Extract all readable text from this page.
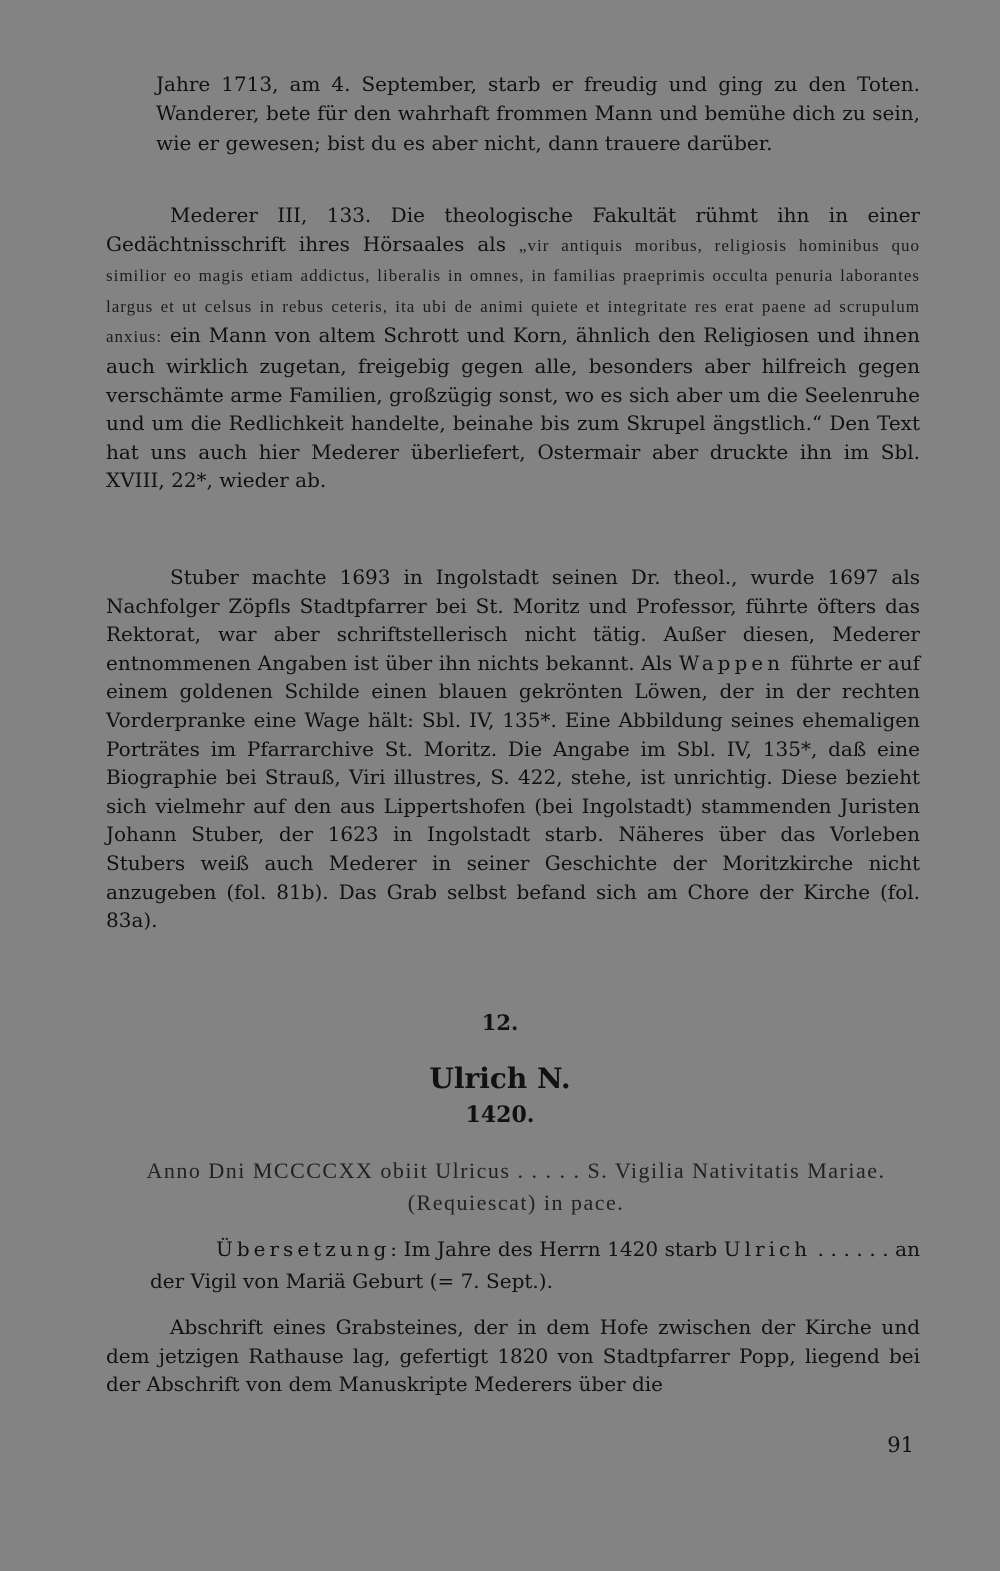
Jahre 1713, am 4. September, starb er freudig und ging zu den Toten. Wanderer, bete für den wahrhaft frommen Mann und bemühe dich zu sein, wie er gewesen; bist du es aber nicht, dann trauere darüber.

Mederer III, 133. Die theologische Fakultät rühmt ihn in einer Gedächtnisschrift ihres Hörsaales als „vir antiquis moribus, religiosis hominibus quo similior eo magis etiam addictus, liberalis in omnes, in familias praeprimis occulta penuria laborantes largus et ut celsus in rebus ceteris, ita ubi de animi quiete et integritate res erat paene ad scrupulum anxius: ein Mann von altem Schrott und Korn, ähnlich den Religiosen und ihnen auch wirklich zugetan, freigebig gegen alle, besonders aber hilfreich gegen verschämte arme Familien, großzügig sonst, wo es sich aber um die Seelenruhe und um die Redlichkeit handelte, beinahe bis zum Skrupel ängstlich.“ Den Text hat uns auch hier Mederer überliefert, Ostermair aber druckte ihn im Sbl. XVIII, 22*, wieder ab.

Stuber machte 1693 in Ingolstadt seinen Dr. theol., wurde 1697 als Nachfolger Zöpfls Stadtpfarrer bei St. Moritz und Professor, führte öfters das Rektorat, war aber schriftstellerisch nicht tätig. Außer diesen, Mederer entnommenen Angaben ist über ihn nichts bekannt. Als Wappen führte er auf einem goldenen Schilde einen blauen gekrönten Löwen, der in der rechten Vorderpranke eine Wage hält: Sbl. IV, 135*. Eine Abbildung seines ehemaligen Porträtes im Pfarrarchive St. Moritz. Die Angabe im Sbl. IV, 135*, daß eine Biographie bei Strauß, Viri illustres, S. 422, stehe, ist unrichtig. Diese bezieht sich vielmehr auf den aus Lippertshofen (bei Ingolstadt) stammenden Juristen Johann Stuber, der 1623 in Ingolstadt starb. Näheres über das Vorleben Stubers weiß auch Mederer in seiner Geschichte der Moritzkirche nicht anzugeben (fol. 81b). Das Grab selbst befand sich am Chore der Kirche (fol. 83a).

12.
Ulrich N.
1420.
Anno Dni MCCCCXX obiit Ulricus . . . . . S. Vigilia Nativitatis Mariae. (Requiescat) in pace.

Übersetzung: Im Jahre des Herrn 1420 starb Ulrich . . . . . . an der Vigil von Mariä Geburt (= 7. Sept.).

Abschrift eines Grabsteines, der in dem Hofe zwischen der Kirche und dem jetzigen Rathause lag, gefertigt 1820 von Stadtpfarrer Popp, liegend bei der Abschrift von dem Manuskripte Mederers über die

91
